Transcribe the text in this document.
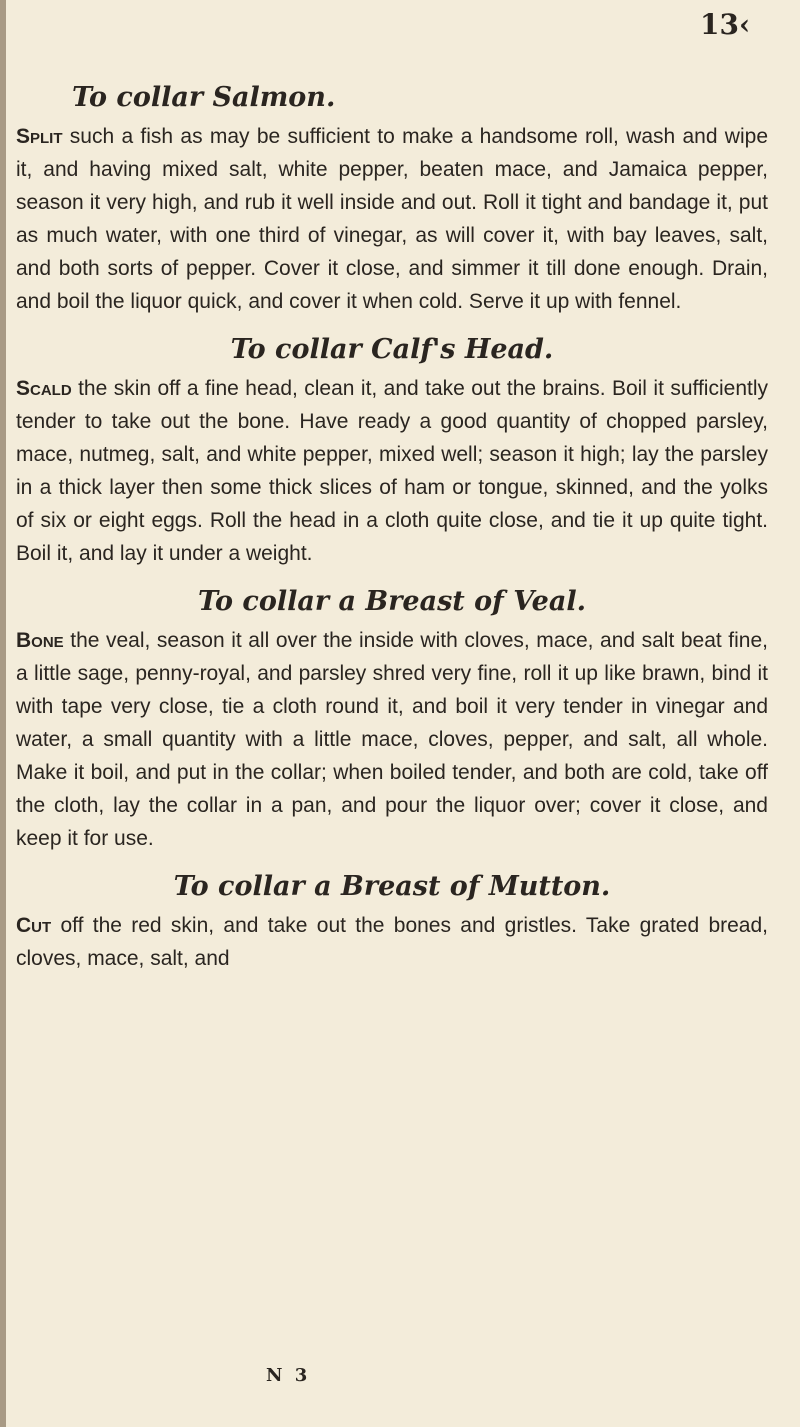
13‹
To collar Salmon.

Split such a fish as may be sufficient to make a handsome roll, wash and wipe it, and having mixed salt, white pepper, beaten mace, and Jamaica pepper, season it very high, and rub it well inside and out. Roll it tight and bandage it, put as much water, with one third of vinegar, as will cover it, with bay leaves, salt, and both sorts of pepper. Cover it close, and simmer it till done enough. Drain, and boil the liquor quick, and cover it when cold. Serve it up with fennel.

To collar Calf's Head.

Scald the skin off a fine head, clean it, and take out the brains. Boil it sufficiently tender to take out the bone. Have ready a good quantity of chopped parsley, mace, nutmeg, salt, and white pepper, mixed well; season it high; lay the parsley in a thick layer then some thick slices of ham or tongue, skinned, and the yolks of six or eight eggs. Roll the head in a cloth quite close, and tie it up quite tight. Boil it, and lay it under a weight.

To collar a Breast of Veal.

Bone the veal, season it all over the inside with cloves, mace, and salt beat fine, a little sage, penny-royal, and parsley shred very fine, roll it up like brawn, bind it with tape very close, tie a cloth round it, and boil it very tender in vinegar and water, a small quantity with a little mace, cloves, pepper, and salt, all whole. Make it boil, and put in the collar; when boiled tender, and both are cold, take off the cloth, lay the collar in a pan, and pour the liquor over; cover it close, and keep it for use.

To collar a Breast of Mutton.

Cut off the red skin, and take out the bones and gristles. Take grated bread, cloves, mace, salt, and

N 3
